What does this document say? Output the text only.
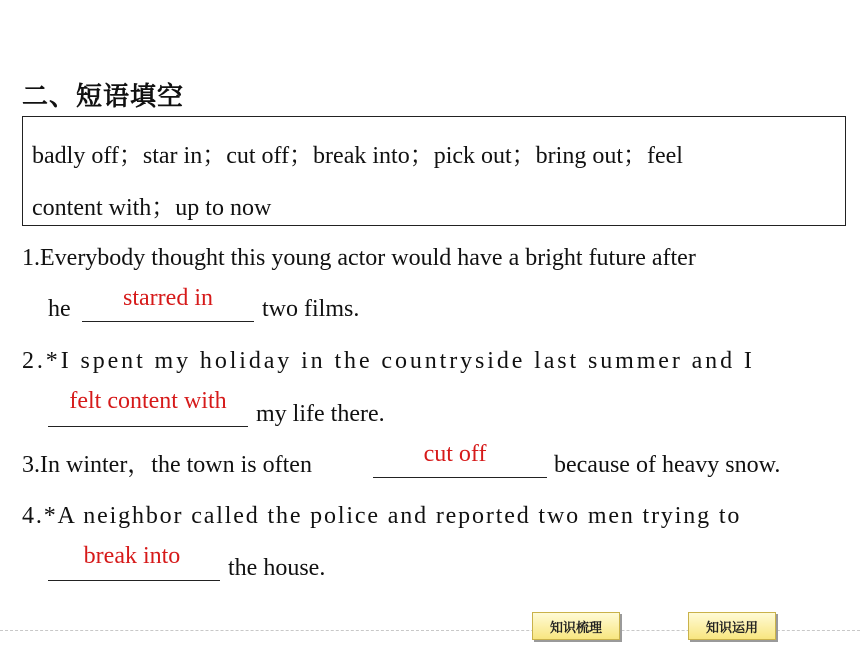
二、短语填空
badly off；star in；cut off；break into；pick out；bring out；feel
content with；up to now
1.Everybody thought this young actor would have a bright future after
he	starred in	two films.
2.*I spent my holiday in the countryside last summer and I
felt content with	my life there.
3.In winter，the town is often	cut off	because of heavy snow.
4.*A neighbor called the police and reported two men trying to
break into	the house.
知识梳理	知识运用
